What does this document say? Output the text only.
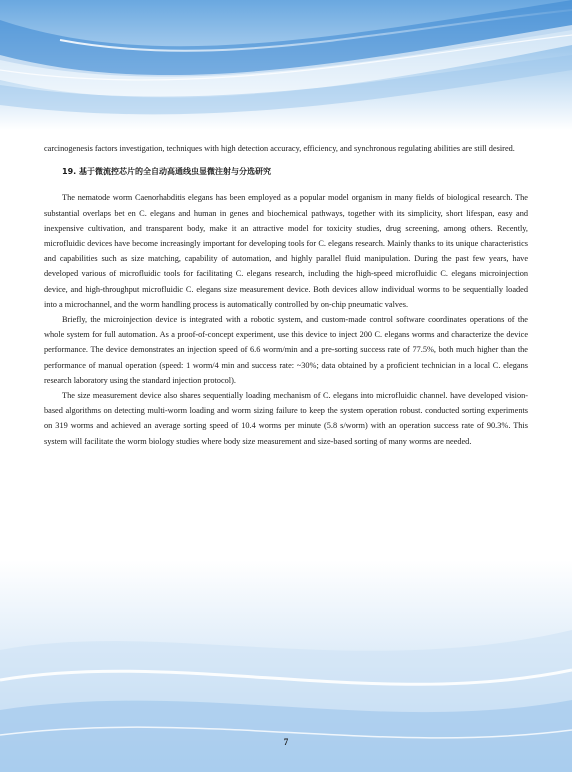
carcinogenesis factors investigation, techniques with high detection accuracy, efficiency, and synchronous regulating abilities are still desired.

19. 基于微流控芯片的全自动高通线虫显微注射与分选研究

The nematode worm Caenorhabditis elegans has been employed as a popular model organism in many fields of biological research. The substantial overlaps bet en C. elegans and human in genes and biochemical pathways, together with its simplicity, short lifespan, easy and inexpensive cultivation, and transparent body, make it an attractive model for toxicity studies, drug screening, among others. Recently, microfluidic devices have become increasingly important for developing tools for C. elegans research. Mainly thanks to its unique characteristics and capabilities such as size matching, capability of automation, and highly parallel fluid manipulation. During the past few years, have developed various of microfluidic tools for facilitating C. elegans research, including the high-speed microfluidic C. elegans microinjection device, and high-throughput microfluidic C. elegans size measurement device. Both devices allow individual worms to be sequentially loaded into a microchannel, and the worm handling process is automatically controlled by on-chip pneumatic valves.

Briefly, the microinjection device is integrated with a robotic system, and custom-made control software coordinates operations of the whole system for full automation. As a proof-of-concept experiment, use this device to inject 200 C. elegans worms and characterize the device performance. The device demonstrates an injection speed of 6.6 worm/min and a pre-sorting success rate of 77.5%, both much higher than the performance of manual operation (speed: 1 worm/4 min and success rate: ~30%; data obtained by a proficient technician in a local C. elegans research laboratory using the standard injection protocol).

The size measurement device also shares sequentially loading mechanism of C. elegans into microfluidic channel. have developed vision-based algorithms on detecting multi-worm loading and worm sizing failure to keep the system operation robust. conducted sorting experiments on 319 worms and achieved an average sorting speed of 10.4 worms per minute (5.8 s/worm) with an operation success rate of 90.3%. This system will facilitate the worm biology studies where body size measurement and size-based sorting of many worms are needed.

7
